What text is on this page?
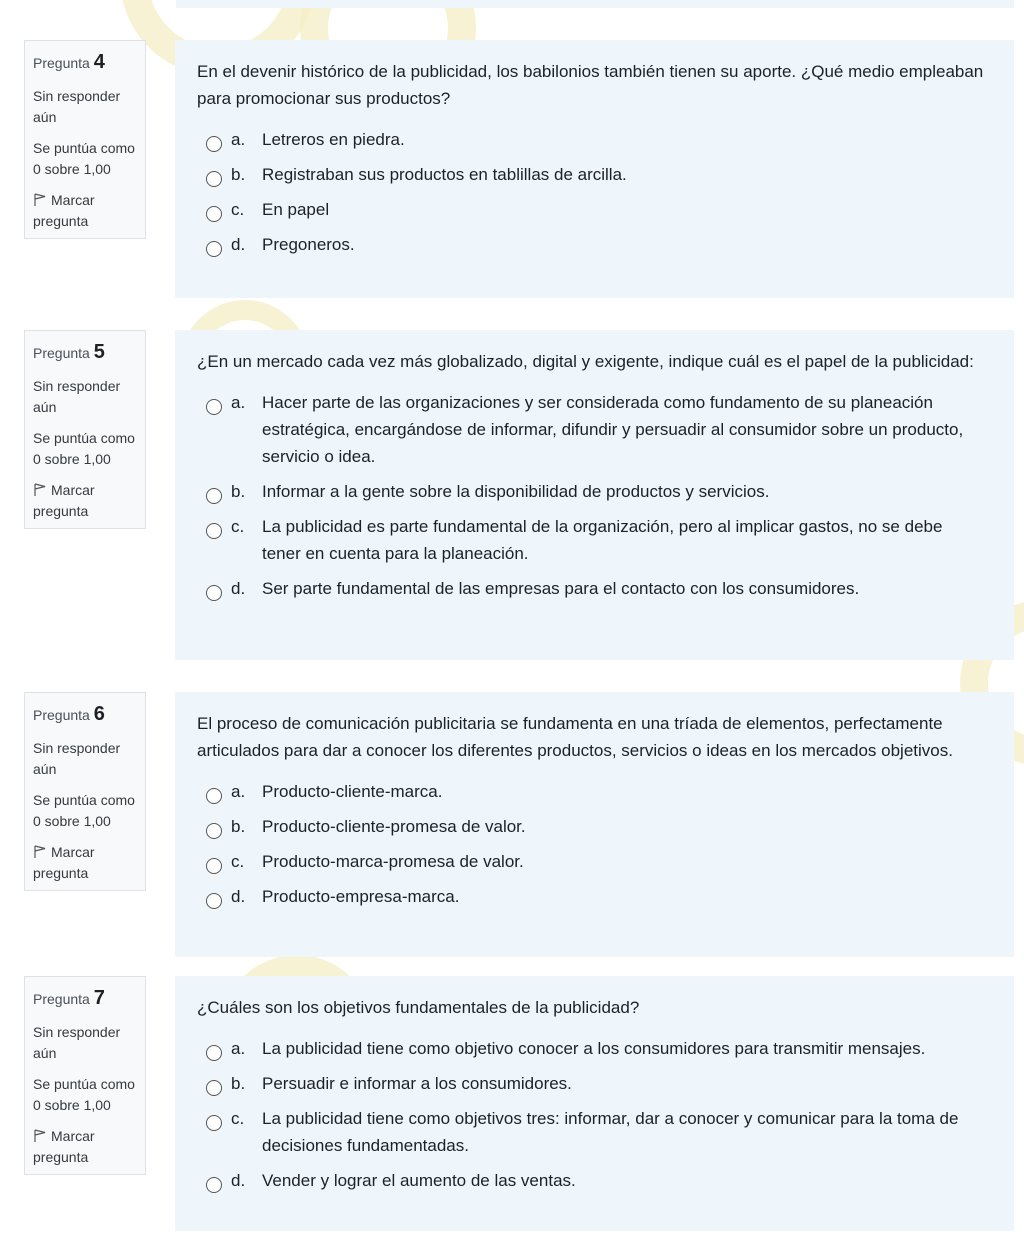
Pregunta 4
Sin responder aún
Se puntúa como 0 sobre 1,00
Marcar pregunta
En el devenir histórico de la publicidad, los babilonios también tienen su aporte. ¿Qué medio empleaban para promocionar sus productos?
a. Letreros en piedra.
b. Registraban sus productos en tablillas de arcilla.
c.	En papel
d. Pregoneros.
Pregunta 5
Sin responder aún
Se puntúa como 0 sobre 1,00
Marcar pregunta
¿En un mercado cada vez más globalizado, digital y exigente, indique cuál es el papel de la publicidad:
a. Hacer parte de las organizaciones y ser considerada como fundamento de su planeación estratégica, encargándose de informar, difundir y persuadir al consumidor sobre un producto, servicio o idea.
b. Informar a la gente sobre la disponibilidad de productos y servicios.
c.	La publicidad es parte fundamental de la organización, pero al implicar gastos, no se debe tener en cuenta para la planeación.
d. Ser parte fundamental de las empresas para el contacto con los consumidores.
Pregunta 6
Sin responder aún
Se puntúa como 0 sobre 1,00
Marcar pregunta
El proceso de comunicación publicitaria se fundamenta en una tríada de elementos, perfectamente articulados para dar a conocer los diferentes productos, servicios o ideas en los mercados objetivos.
a. Producto-cliente-marca.
b. Producto-cliente-promesa de valor.
c.	Producto-marca-promesa de valor.
d. Producto-empresa-marca.
Pregunta 7
Sin responder aún
Se puntúa como 0 sobre 1,00
Marcar pregunta
¿Cuáles son los objetivos fundamentales de la publicidad?
a. La publicidad tiene como objetivo conocer a los consumidores para transmitir mensajes.
b. Persuadir e informar a los consumidores.
c.	La publicidad tiene como objetivos tres: informar, dar a conocer y comunicar para la toma de decisiones fundamentadas.
d. Vender y lograr el aumento de las ventas.
